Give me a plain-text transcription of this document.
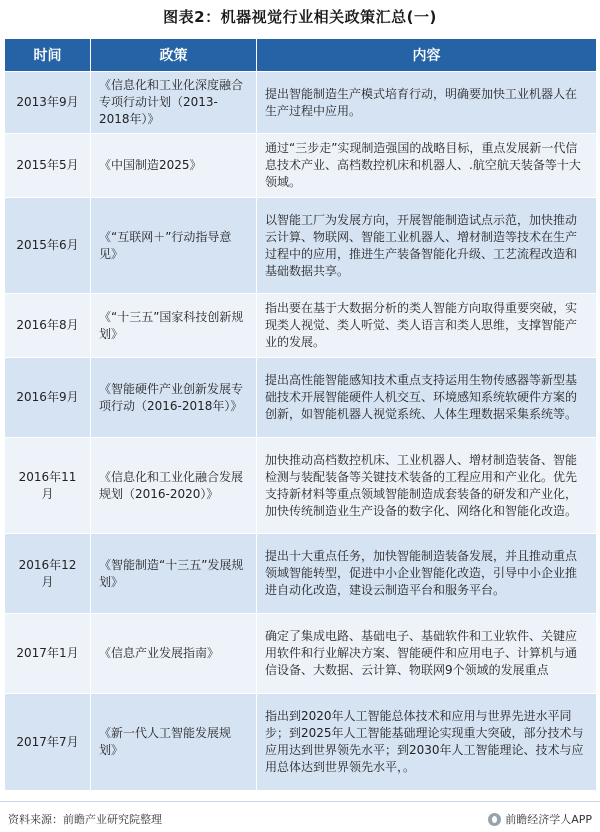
图表2：机器视觉行业相关政策汇总(一)
时间	政策	内容
2013年9月	《信息化和工业化深度融合专项行动计划（2013-2018年）》	提出智能制造生产模式培育行动，明确要加快工业机器人在生产过程中应用。
2015年5月	《中国制造2025》	通过“三步走”实现制造强国的战略目标，重点发展新一代信息技术产业、高档数控机床和机器人、.航空航天装备等十大领域。
2015年6月	《“互联网＋”行动指导意见》	以智能工厂为发展方向，开展智能制造试点示范，加快推动云计算、物联网、智能工业机器人、增材制造等技术在生产过程中的应用，推进生产装备智能化升级、工艺流程改造和基础数据共享。
2016年8月	《“十三五”国家科技创新规划》	指出要在基于大数据分析的类人智能方向取得重要突破，实现类人视觉、类人听觉、类人语言和类人思维，支撑智能产业的发展。
2016年9月	《智能硬件产业创新发展专项行动（2016-2018年）》	提出高性能智能感知技术重点支持运用生物传感器等新型基础技术开展智能硬件人机交互、环境感知系统软硬件方案的创新，如智能机器人视觉系统、人体生理数据采集系统等。
2016年11月	《信息化和工业化融合发展规划（2016-2020）》	加快推动高档数控机床、工业机器人、增材制造装备、智能检测与装配装备等关键技术装备的工程应用和产业化。优先支持新材料等重点领域智能制造成套装备的研发和产业化，加快传统制造业生产设备的数字化、网络化和智能化改造。
2016年12月	《智能制造“十三五”发展规划》	提出十大重点任务，加快智能制造装备发展，并且推动重点领域智能转型，促进中小企业智能化改造，引导中小企业推进自动化改造，建设云制造平台和服务平台。
2017年1月	《信息产业发展指南》	确定了集成电路、基础电子、基础软件和工业软件、关键应用软件和行业解决方案、智能硬件和应用电子、计算机与通信设备、大数据、云计算、物联网9个领域的发展重点
2017年7月	《新一代人工智能发展规划》	指出到2020年人工智能总体技术和应用与世界先进水平同步；到2025年人工智能基础理论实现重大突破，部分技术与应用达到世界领先水平；到2030年人工智能理论、技术与应用总体达到世界领先水平，。
资料来源：前瞻产业研究院整理	前瞻经济学人APP
